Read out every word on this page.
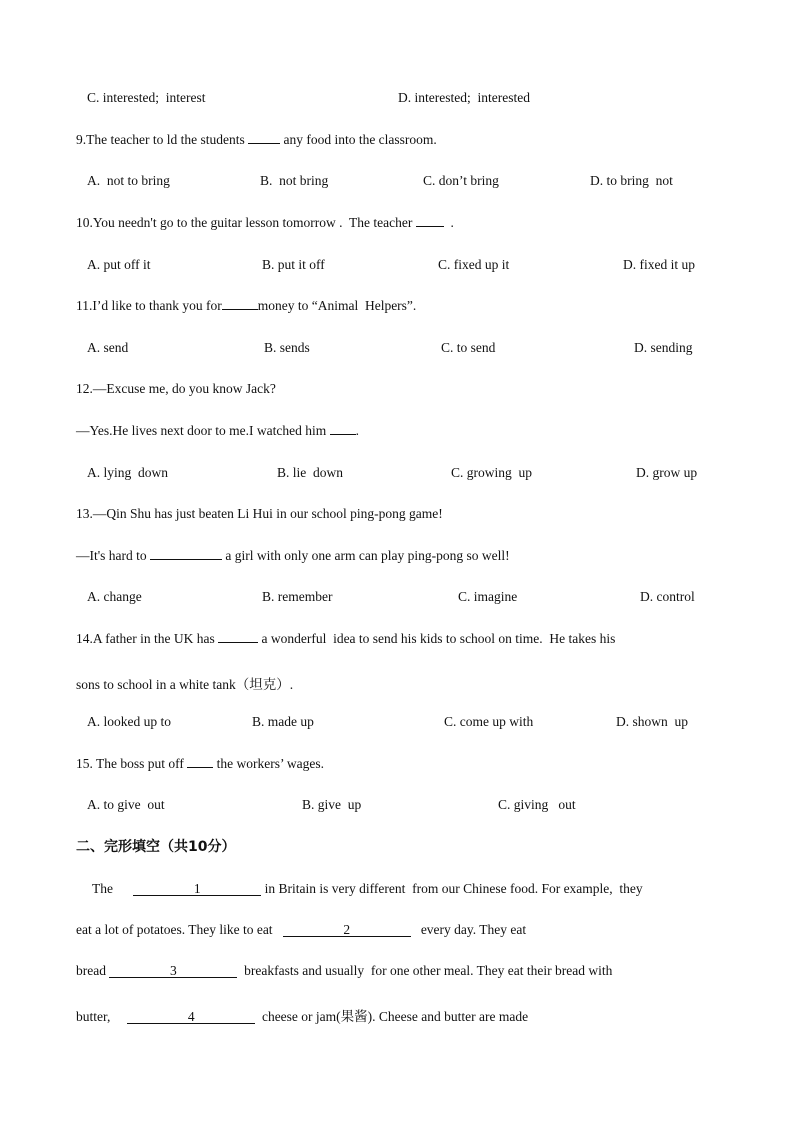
C. interested;  interest	D. interested;  interested
9.The teacher to ld the students  any food into the classroom.
A.  not to bring	B.  not bring	C. don’t bring	D. to bring  not
10.You needn't go to the guitar lesson tomorrow .  The teacher   .
A. put off it	B. put it off	C. fixed up it	D. fixed it up
11.I’d like to thank you for	money to “Animal  Helpers”.
A. send	B. sends	C. to send	D. sending
12.—Excuse me, do you know Jack?
—Yes.He lives next door to me.I watched him .
A. lying  down	B. lie  down	C. growing  up	D. grow up
13.—Qin Shu has just beaten Li Hui in our school ping-pong game!
—It's hard to	a girl with only one arm can play ping-pong so well!
A. change	B. remember	C. imagine	D. control
14.A father in the UK has	a wonderful  idea to send his kids to school on time.  He takes his
sons to school in a white tank（坦克）.
A. looked up to	B. made up	C. come up with	D. shown  up
15. The boss put off  the workers’ wages.
A. to give  out	B. give  up	C. giving   out
二、完形填空（共10分）
The	1	in Britain is very different  from our Chinese food. For example,  they
eat a lot of potatoes. They like to eat	2	every day. They eat
bread	3	breakfasts and usually  for one other meal. They eat their bread with
butter,	4	cheese or jam(果酱). Cheese and butter are made
